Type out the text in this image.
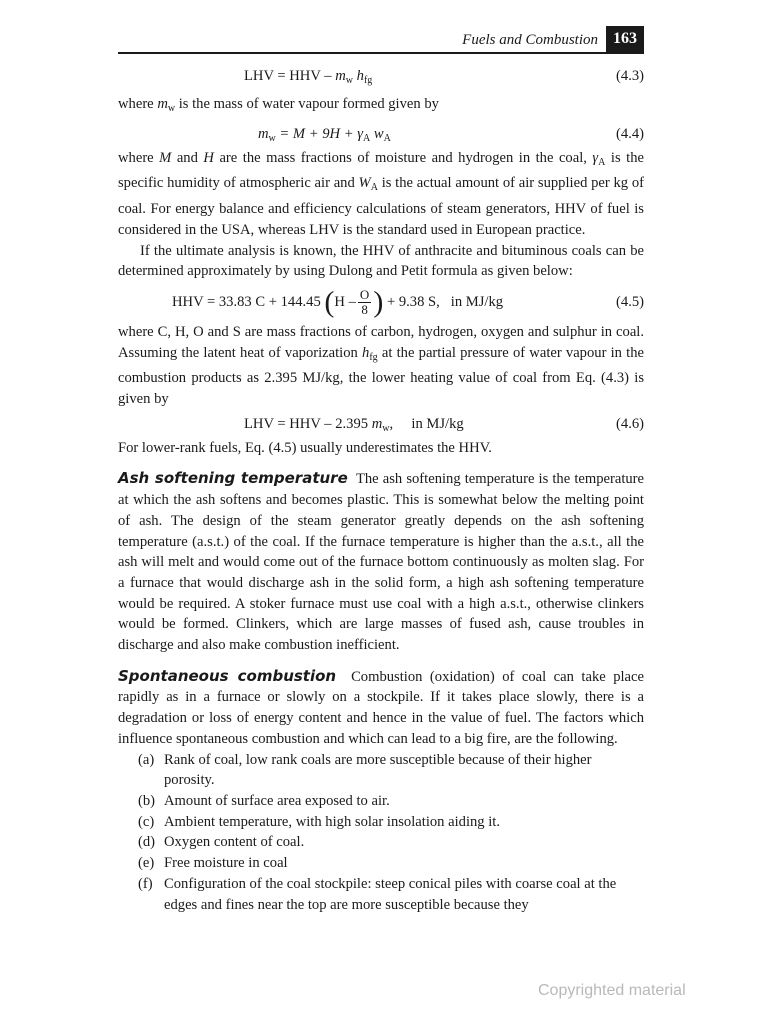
Fuels and Combustion 163
LHV = HHV – $m_w$ $h_{fg}$	(4.3)

where $m_w$ is the mass of water vapour formed given by

$m_w = M + 9H + \gamma_A$ $w_A$	(4.4)

where M and H are the mass fractions of moisture and hydrogen in the coal, $\gamma_A$ is the specific humidity of atmospheric air and $W_A$ is the actual amount of air supplied per kg of coal. For energy balance and efficiency calculations of steam generators, HHV of fuel is considered in the USA, whereas LHV is the standard used in European practice.

If the ultimate analysis is known, the HHV of anthracite and bituminous coals can be determined approximately by using Dulong and Petit formula as given below:

HHV = 33.83 C + 144.45 ($H - \frac{O}{8}$ ) + 9.38 S, in MJ/kg	(4.5)

where C, H, O and S are mass fractions of carbon, hydrogen, oxygen and sulphur in coal. Assuming the latent heat of vaporization $h_{fg}$ at the partial pressure of water vapour in the combustion products as 2.395 MJ/kg, the lower heating value of coal from Eq. (4.3) is given by

LHV = HHV – 2.395 $m_w$, in MJ/kg	(4.6)

For lower-rank fuels, Eq. (4.5) usually underestimates the HHV.

Ash softening temperature The ash softening temperature is the temperature at which the ash softens and becomes plastic. This is somewhat below the melting point of ash. The design of the steam generator greatly depends on the ash softening temperature (a.s.t.) of the coal. If the furnace temperature is higher than the a.s.t., all the ash will melt and would come out of the furnace bottom continuously as molten slag. For a furnace that would discharge ash in the solid form, a high ash softening temperature would be required. A stoker furnace must use coal with a high a.s.t., otherwise clinkers would be formed. Clinkers, which are large masses of fused ash, cause troubles in discharge and also make combustion inefficient.

Spontaneous combustion Combustion (oxidation) of coal can take place rapidly as in a furnace or slowly on a stockpile. If it takes place slowly, there is a degradation or loss of energy content and hence in the value of fuel. The factors which influence spontaneous combustion and which can lead to a big fire, are the following.

(a) Rank of coal, low rank coals are more susceptible because of their higher porosity.
(b) Amount of surface area exposed to air.
(c) Ambient temperature, with high solar insolation aiding it.
(d) Oxygen content of coal.
(e) Free moisture in coal
(f) Configuration of the coal stockpile: steep conical piles with coarse coal at the edges and fines near the top are more susceptible because they
Copyrighted material
